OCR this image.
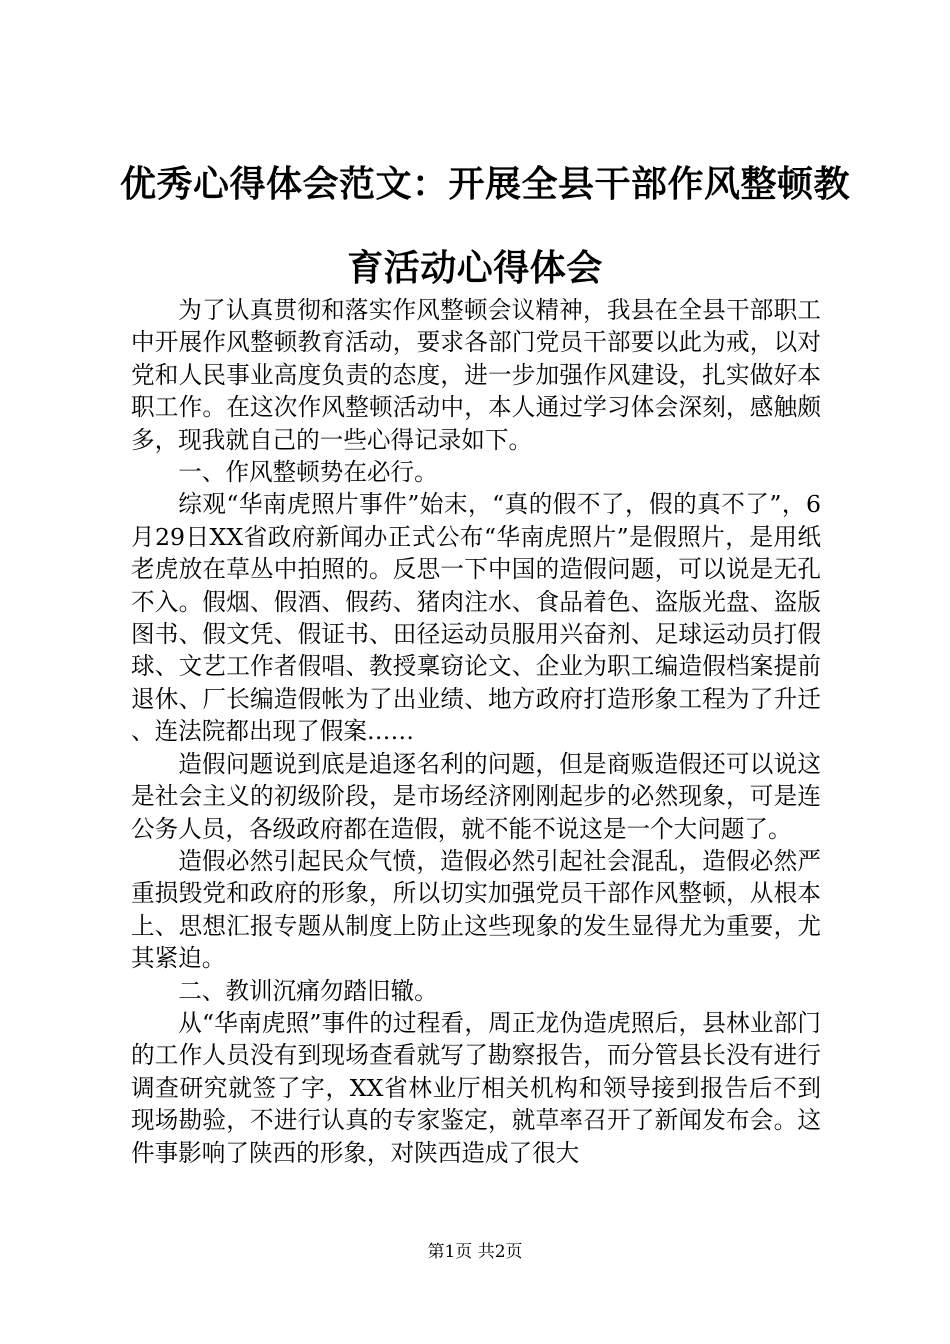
优秀心得体会范文：开展全县干部作风整顿教
育活动心得体会

为了认真贯彻和落实作风整顿会议精神，我县在全县干部职工中开展作风整顿教育活动，要求各部门党员干部要以此为戒，以对党和人民事业高度负责的态度，进一步加强作风建设，扎实做好本职工作。在这次作风整顿活动中，本人通过学习体会深刻，感触颇多，现我就自己的一些心得记录如下。

一、作风整顿势在必行。

综观“华南虎照片事件”始末，“真的假不了，假的真不了”，6月29日XX省政府新闻办正式公布“华南虎照片”是假照片，是用纸老虎放在草丛中拍照的。反思一下中国的造假问题，可以说是无孔不入。假烟、假酒、假药、猪肉注水、食品着色、盗版光盘、盗版图书、假文凭、假证书、田径运动员服用兴奋剂、足球运动员打假球、文艺工作者假唱、教授稟窃论文、企业为职工编造假档案提前退休、厂长编造假帐为了出业绩、地方政府打造形象工程为了升迁、连法院都出现了假案……

造假问题说到底是追逐名利的问题，但是商贩造假还可以说这是社会主义的初级阶段，是市场经济刚刚起步的必然现象，可是连公务人员，各级政府都在造假，就不能不说这是一个大问题了。

造假必然引起民众气愤，造假必然引起社会混乱，造假必然严重损毁党和政府的形象，所以切实加强党员干部作风整顿，从根本上、思想汇报专题从制度上防止这些现象的发生显得尤为重要，尤其紧迫。

二、教训沉痛勿踏旧辙。

从“华南虎照”事件的过程看，周正龙伪造虎照后，县林业部门的工作人员没有到现场查看就写了勘察报告，而分管县长没有进行调查研究就签了字，XX省林业厅相关机构和领导接到报告后不到现场勘验，不进行认真的专家鉴定，就草率召开了新闻发布会。这件事影响了陕西的形象，对陕西造成了很大

第1页 共2页
